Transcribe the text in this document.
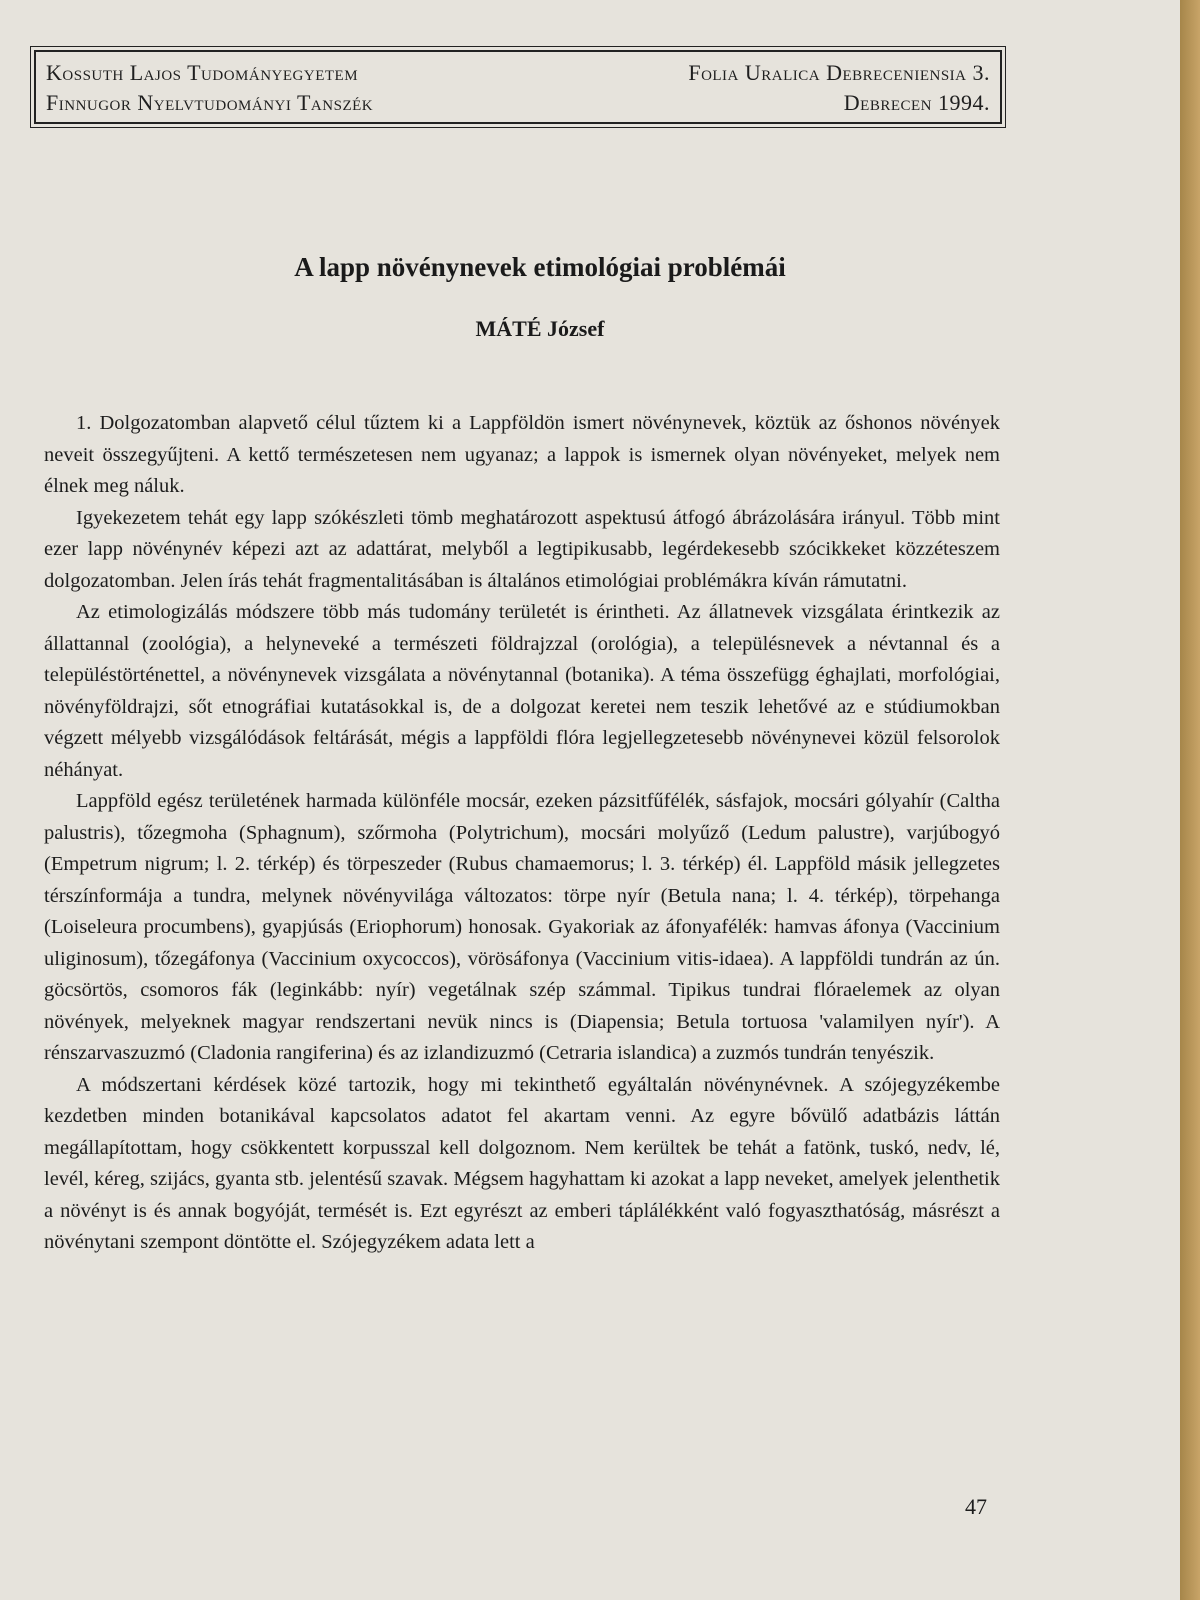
Kossuth Lajos Tudományegyetem
Finnugor Nyelvtudományi Tanszék
Folia Uralica Debreceniensia 3.
Debrecen 1994.
A lapp növénynevek etimológiai problémái
MÁTÉ József

1. Dolgozatomban alapvető célul tűztem ki a Lappföldön ismert növénynevek, köztük az őshonos növények neveit összegyűjteni. A kettő természetesen nem ugyanaz; a lappok is ismernek olyan növényeket, melyek nem élnek meg náluk.

Igyekezetem tehát egy lapp szókészleti tömb meghatározott aspektusú átfogó ábrázolására irányul. Több mint ezer lapp növénynév képezi azt az adattárat, melyből a legtipikusabb, legérdekesebb szócikkeket közzéteszem dolgozatomban. Jelen írás tehát fragmentalitásában is általános etimológiai problémákra kíván rámutatni.

Az etimologizálás módszere több más tudomány területét is érintheti. Az állatnevek vizsgálata érintkezik az állattannal (zoológia), a helyneveké a természeti földrajzzal (orológia), a településnevek a névtannal és a településtörténettel, a növénynevek vizsgálata a növénytannal (botanika). A téma összefügg éghajlati, morfológiai, növényföldrajzi, sőt etnográfiai kutatásokkal is, de a dolgozat keretei nem teszik lehetővé az e stúdiumokban végzett mélyebb vizsgálódások feltárását, mégis a lappföldi flóra legjellegzetesebb növénynevei közül felsorolok néhányat.

Lappföld egész területének harmada különféle mocsár, ezeken pázsitfűfélék, sásfajok, mocsári gólyahír (Caltha palustris), tőzegmoha (Sphagnum), szőrmoha (Polytrichum), mocsári molyűző (Ledum palustre), varjúbogyó (Empetrum nigrum; l. 2. térkép) és törpeszeder (Rubus chamaemorus; l. 3. térkép) él. Lappföld másik jellegzetes térszínformája a tundra, melynek növényvilága változatos: törpe nyír (Betula nana; l. 4. térkép), törpehanga (Loiseleura procumbens), gyapjúsás (Eriophorum) honosak. Gyakoriak az áfonyafélék: hamvas áfonya (Vaccinium uliginosum), tőzegáfonya (Vaccinium oxycoccos), vörösáfonya (Vaccinium vitis-idaea). A lappföldi tundrán az ún. göcsörtös, csomoros fák (leginkább: nyír) vegetálnak szép számmal. Tipikus tundrai flóraelemek az olyan növények, melyeknek magyar rendszertani nevük nincs is (Diapensia; Betula tortuosa 'valamilyen nyír'). A rénszarvaszuzmó (Cladonia rangiferina) és az izlandizuzmó (Cetraria islandica) a zuzmós tundrán tenyészik.

A módszertani kérdések közé tartozik, hogy mi tekinthető egyáltalán növénynévnek. A szójegyzékembe kezdetben minden botanikával kapcsolatos adatot fel akartam venni. Az egyre bővülő adatbázis láttán megállapítottam, hogy csökkentett korpusszal kell dolgoznom. Nem kerültek be tehát a fatönk, tuskó, nedv, lé, levél, kéreg, szijács, gyanta stb. jelentésű szavak. Mégsem hagyhattam ki azokat a lapp neveket, amelyek jelenthetik a növényt is és annak bogyóját, termését is. Ezt egyrészt az emberi táplálékként való fogyaszthatóság, másrészt a növénytani szempont döntötte el. Szójegyzékem adata lett a

47
